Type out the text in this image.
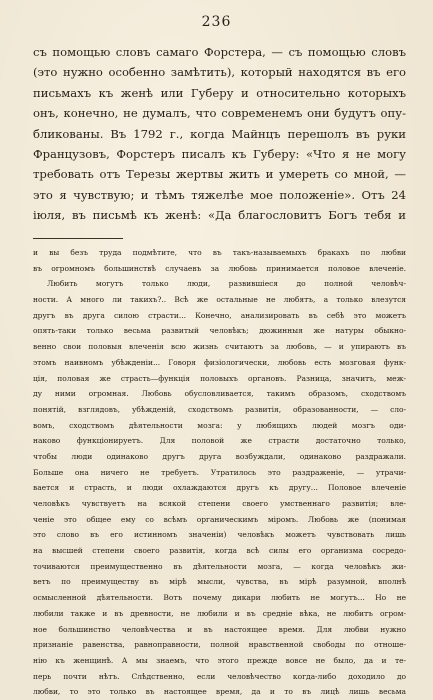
236
съ помощью словъ самаго Форстера, — съ помощью словъ
(это нужно особенно замѣтить), который находятся въ его
письмахъ къ женѣ или Губеру и относительно которыхъ
онъ, конечно, не думалъ, что современемъ они будутъ опу-
бликованы. Въ 1792 г., когда Майнцъ перешолъ въ руки
Французовъ, Форстеръ писалъ къ Губеру: «Что я не могу
требовать отъ Терезы жертвы жить и умереть со мной, —
это я чувствую; и тѣмъ тяжелѣе мое положеніе». Отъ 24
іюля, въ письмѣ къ женѣ: «Да благословитъ Богъ тебя и
и вы безъ труда подмѣтите, что въ такъ-называемыхъ бракахъ по любви
въ огромномъ большинствѣ случаевъ за любовь принимается половое влеченіе.
Любить могутъ только люди, развившіеся до полной человѣч-
ности. А много ли такихъ?.. Всѣ же остальные не любятъ, а только влезутся
другъ въ друга силою страсти... Конечно, анализировать въ себѣ это можетъ
опять-таки только весьма развитый человѣкъ; дюжинныя же натуры обыкно-
венно свои половыя влеченія всю жизнь считаютъ за любовь, — и упираютъ въ
этомъ наивномъ убѣжденіи... Говоря физіологически, любовь есть мозговая функ-
ція, половая же страсть—функція половыхъ органовъ. Разница, значитъ, меж-
ду ними огромная. Любовь обусловливается, такимъ образомъ, сходствомъ
понятій, взглядовъ, убѣжденій, сходствомъ развитія, образованности, — сло-
вомъ, сходствомъ дѣятельности мозга: у любящихъ людей мозгъ оди-
наково функціонируетъ. Для половой же страсти достаточно только,
чтобы люди одинаково другъ друга возбуждали, одинаково раздражали.
Больше она ничего не требуетъ. Утратилось это раздраженіе, — утрачи-
вается и страсть, и люди охлаждаются другъ къ другу... Половое влеченіе
человѣкъ чувствуетъ на всякой степени своего умственнаго развитія; вле-
ченіе это общее ему со всѣмъ органическимъ міромъ. Любовь же (понимая
это слово въ его истинномъ значеніи) человѣкъ можетъ чувствовать лишь
на высшей степени своего развитія, когда всѣ силы его организма сосредо-
точиваются преимущественно въ дѣятельности мозга, — когда человѣкъ жи-
ветъ по преимуществу въ мірѣ мысли, чувства, въ мірѣ разумной, вполнѣ
осмысленной дѣятельности. Вотъ почему дикари любить не могутъ... Но не
любили также и въ древности, не любили и въ средніе вѣка, не любитъ огром-
ное большинство человѣчества и въ настоящее время. Для любви нужно
признаніе равенства, равноправности, полной нравственной свободы по отноше-
нію къ женщинѣ. А мы знаемъ, что этого прежде вовсе не было, да и те-
перь почти нѣтъ. Слѣдственно, если человѣчество когда-либо доходило до
любви, то это только въ настоящее время, да и то въ лицѣ лишь весьма
